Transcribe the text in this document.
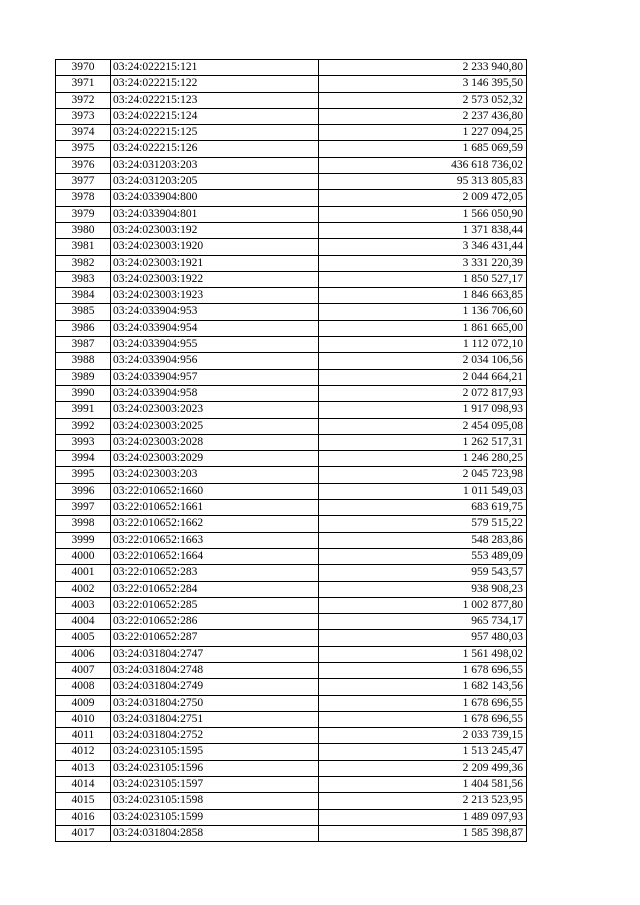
3970	03:24:022215:121	2 233 940,80
3971	03:24:022215:122	3 146 395,50
3972	03:24:022215:123	2 573 052,32
3973	03:24:022215:124	2 237 436,80
3974	03:24:022215:125	1 227 094,25
3975	03:24:022215:126	1 685 069,59
3976	03:24:031203:203	436 618 736,02
3977	03:24:031203:205	95 313 805,83
3978	03:24:033904:800	2 009 472,05
3979	03:24:033904:801	1 566 050,90
3980	03:24:023003:192	1 371 838,44
3981	03:24:023003:1920	3 346 431,44
3982	03:24:023003:1921	3 331 220,39
3983	03:24:023003:1922	1 850 527,17
3984	03:24:023003:1923	1 846 663,85
3985	03:24:033904:953	1 136 706,60
3986	03:24:033904:954	1 861 665,00
3987	03:24:033904:955	1 112 072,10
3988	03:24:033904:956	2 034 106,56
3989	03:24:033904:957	2 044 664,21
3990	03:24:033904:958	2 072 817,93
3991	03:24:023003:2023	1 917 098,93
3992	03:24:023003:2025	2 454 095,08
3993	03:24:023003:2028	1 262 517,31
3994	03:24:023003:2029	1 246 280,25
3995	03:24:023003:203	2 045 723,98
3996	03:22:010652:1660	1 011 549,03
3997	03:22:010652:1661	683 619,75
3998	03:22:010652:1662	579 515,22
3999	03:22:010652:1663	548 283,86
4000	03:22:010652:1664	553 489,09
4001	03:22:010652:283	959 543,57
4002	03:22:010652:284	938 908,23
4003	03:22:010652:285	1 002 877,80
4004	03:22:010652:286	965 734,17
4005	03:22:010652:287	957 480,03
4006	03:24:031804:2747	1 561 498,02
4007	03:24:031804:2748	1 678 696,55
4008	03:24:031804:2749	1 682 143,56
4009	03:24:031804:2750	1 678 696,55
4010	03:24:031804:2751	1 678 696,55
4011	03:24:031804:2752	2 033 739,15
4012	03:24:023105:1595	1 513 245,47
4013	03:24:023105:1596	2 209 499,36
4014	03:24:023105:1597	1 404 581,56
4015	03:24:023105:1598	2 213 523,95
4016	03:24:023105:1599	1 489 097,93
4017	03:24:031804:2858	1 585 398,87
